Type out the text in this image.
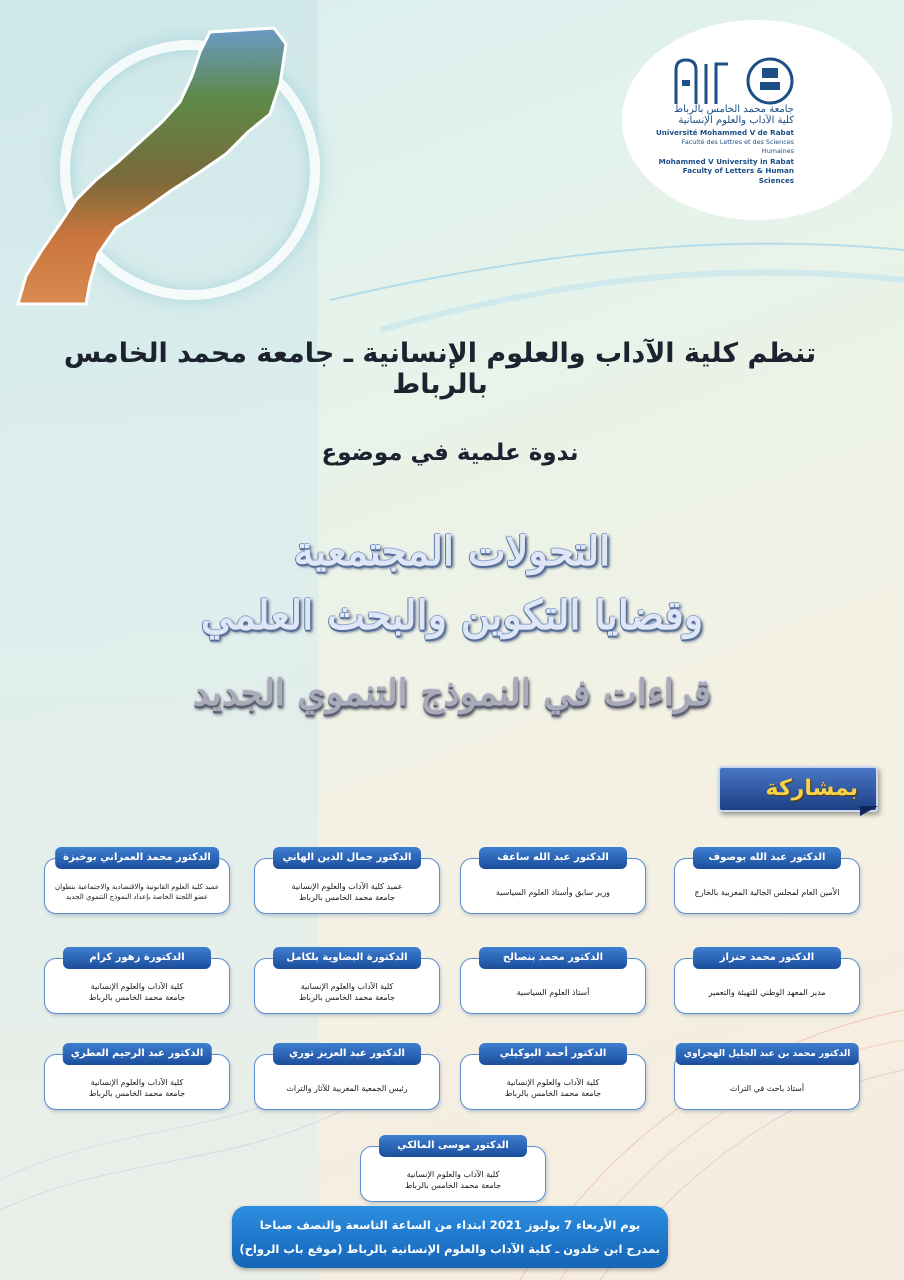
جامعة محمد الخامس بالرباط
كلية الآداب والعلوم الإنسانية
Université Mohammed V de Rabat
Faculté des Lettres et des Sciences Humaines
Mohammed V University in Rabat
Faculty of Letters & Human Sciences
تنظم كلية الآداب والعلوم الإنسانية ـ جامعة محمد الخامس بالرباط
ندوة علمية في موضوع
التحولات المجتمعية
وقضايا التكوين والبحث العلمي
قراءات في النموذج التنموي الجديد
بمشاركة
الدكتور عبد الله بوصوف
الأمين العام لمجلس الجالية المغربية بالخارج
الدكتور عبد الله ساعف
وزير سابق وأستاذ العلوم السياسية
الدكتور جمال الدين الهاني
عميد كلية الآداب والعلوم الإنسانية
جامعة محمد الخامس بالرباط
الدكتور محمد العمراني بوخبزة
عميد كلية العلوم القانونية والاقتصادية والاجتماعية بتطوان
عضو اللجنة الخاصة بإعداد النموذج التنموي الجديد
الدكتور محمد حنزاز
مدير المعهد الوطني للتهيئة والتعمير
الدكتور محمد بنصالح
أستاذ العلوم السياسية
الدكتورة البضاوية بلكامل
كلية الآداب والعلوم الإنسانية
جامعة محمد الخامس بالرباط
الدكتورة زهور كرام
كلية الآداب والعلوم الإنسانية
جامعة محمد الخامس بالرباط
الدكتور محمد بن عبد الجليل الهجراوي
أستاذ باحث في التراث
الدكتور أحمد البوكيلي
كلية الآداب والعلوم الإنسانية
جامعة محمد الخامس بالرباط
الدكتور عبد العزيز توري
رئيس الجمعية المغربية للآثار والتراث
الدكتور عبد الرحيم العطري
كلية الآداب والعلوم الإنسانية
جامعة محمد الخامس بالرباط
الدكتور موسى المالكي
كلية الآداب والعلوم الإنسانية
جامعة محمد الخامس بالرباط
يوم الأربعاء 7 يوليوز 2021 ابتداء من الساعة التاسعة والنصف صباحا
بمدرج ابن خلدون ـ كلية الآداب والعلوم الإنسانية بالرباط (موقع باب الرواح)
